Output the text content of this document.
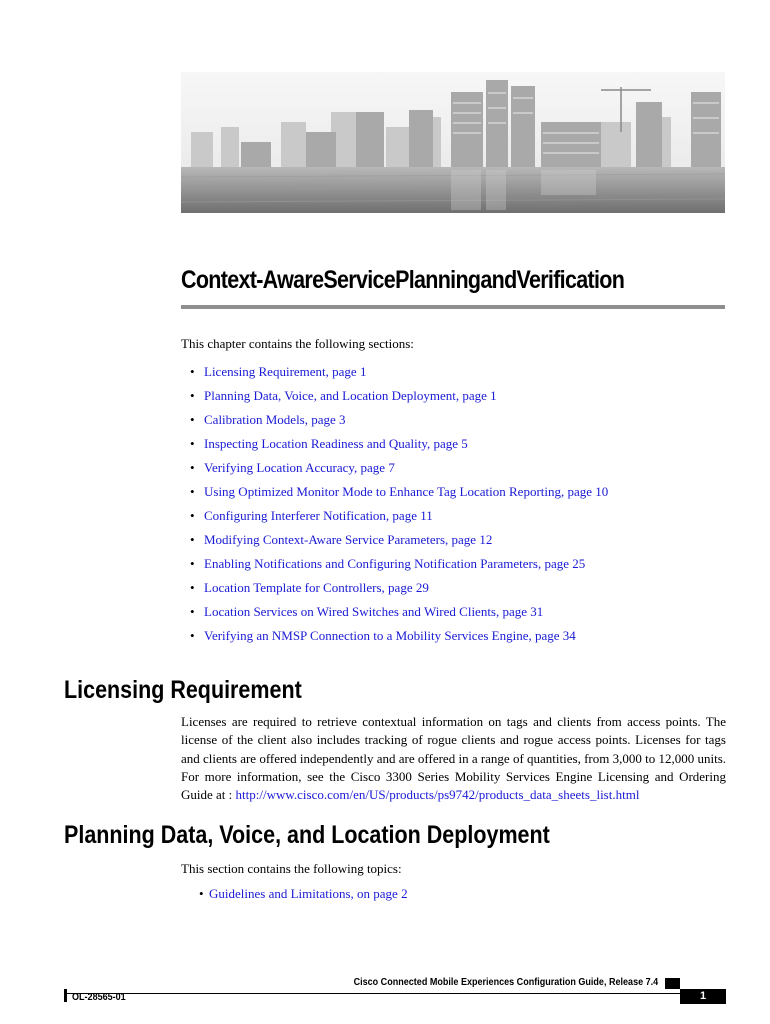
Context-AwareServicePlanningandVerification

This chapter contains the following sections:

• Licensing Requirement, page 1
• Planning Data, Voice, and Location Deployment, page 1
• Calibration Models, page 3
• Inspecting Location Readiness and Quality, page 5
• Verifying Location Accuracy, page 7
• Using Optimized Monitor Mode to Enhance Tag Location Reporting, page 10
• Configuring Interferer Notification, page 11
• Modifying Context-Aware Service Parameters, page 12
• Enabling Notifications and Configuring Notification Parameters, page 25
• Location Template for Controllers, page 29
• Location Services on Wired Switches and Wired Clients, page 31
• Verifying an NMSP Connection to a Mobility Services Engine, page 34
Licensing Requirement

Licenses are required to retrieve contextual information on tags and clients from access points. The license of the client also includes tracking of rogue clients and rogue access points. Licenses for tags and clients are offered independently and are offered in a range of quantities, from 3,000 to 12,000 units. For more information, see the Cisco 3300 Series Mobility Services Engine Licensing and Ordering Guide at : http://www.cisco.com/en/US/products/ps9742/products_data_sheets_list.html

Planning Data, Voice, and Location Deployment

This section contains the following topics:

• Guidelines and Limitations, on page 2
Cisco Connected Mobile Experiences Configuration Guide, Release 7.4
OL-28565-01	1
